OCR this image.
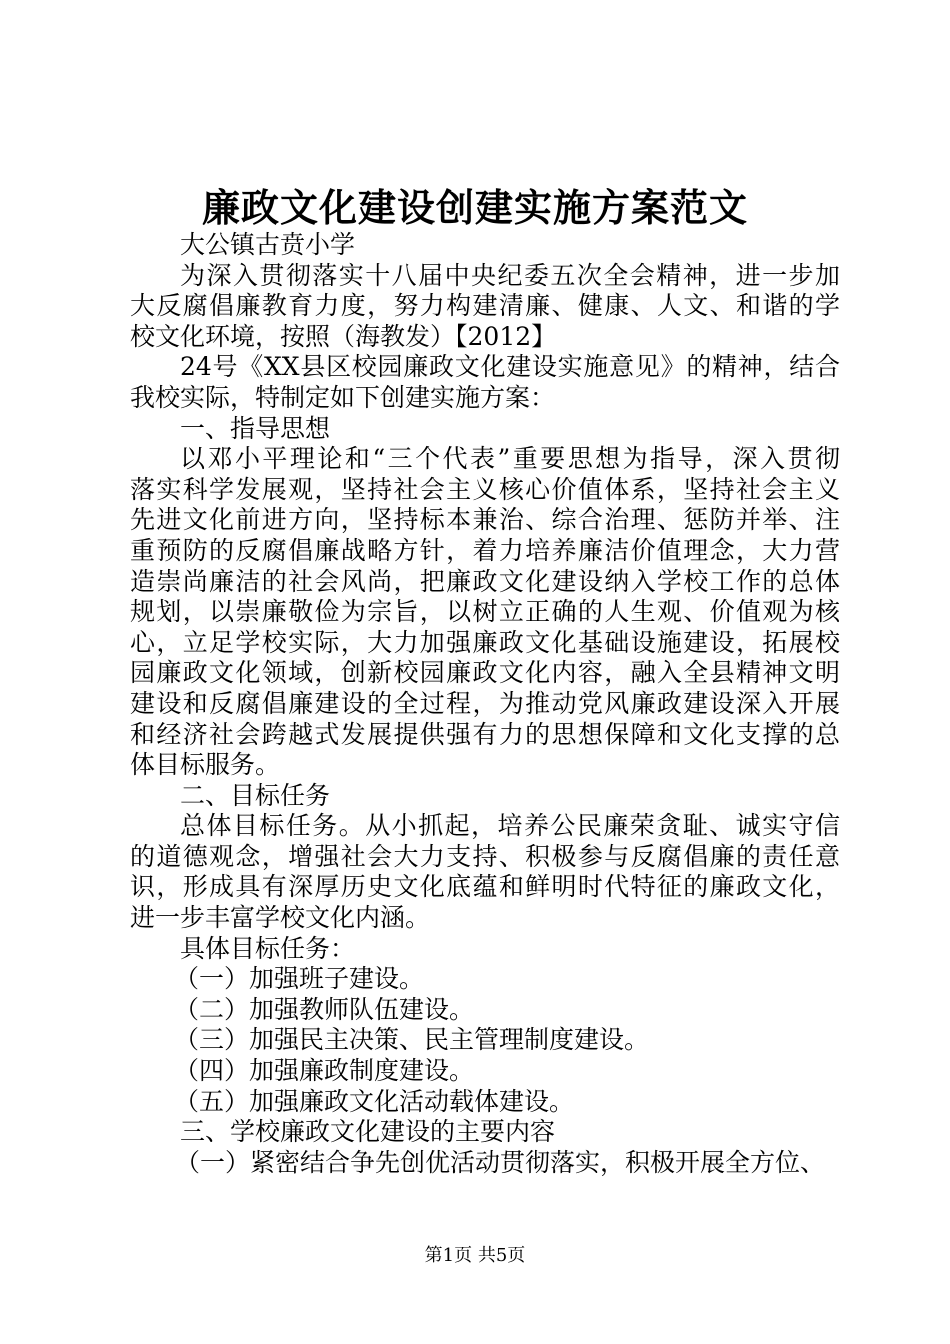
廉政文化建设创建实施方案范文
大公镇古贲小学
为深入贯彻落实十八届中央纪委五次全会精神，进一步加
大反腐倡廉教育力度，努力构建清廉、健康、人文、和谐的学
校文化环境，按照（海教发）【2012】
24号《XX县区校园廉政文化建设实施意见》的精神，结合
我校实际，特制定如下创建实施方案：
一、指导思想
以邓小平理论和“三个代表”重要思想为指导，深入贯彻
落实科学发展观，坚持社会主义核心价值体系，坚持社会主义
先进文化前进方向，坚持标本兼治、综合治理、惩防并举、注
重预防的反腐倡廉战略方针，着力培养廉洁价值理念，大力营
造崇尚廉洁的社会风尚，把廉政文化建设纳入学校工作的总体
规划，以崇廉敬俭为宗旨，以树立正确的人生观、价值观为核
心，立足学校实际，大力加强廉政文化基础设施建设，拓展校
园廉政文化领域，创新校园廉政文化内容，融入全县精神文明
建设和反腐倡廉建设的全过程，为推动党风廉政建设深入开展
和经济社会跨越式发展提供强有力的思想保障和文化支撑的总
体目标服务。
二、目标任务
总体目标任务。从小抓起，培养公民廉荣贪耻、诚实守信
的道德观念，增强社会大力支持、积极参与反腐倡廉的责任意
识，形成具有深厚历史文化底蕴和鲜明时代特征的廉政文化，
进一步丰富学校文化内涵。
具体目标任务：
（一）加强班子建设。
（二）加强教师队伍建设。
（三）加强民主决策、民主管理制度建设。
（四）加强廉政制度建设。
（五）加强廉政文化活动载体建设。
三、学校廉政文化建设的主要内容
（一）紧密结合争先创优活动贯彻落实，积极开展全方位、
第1页 共5页
